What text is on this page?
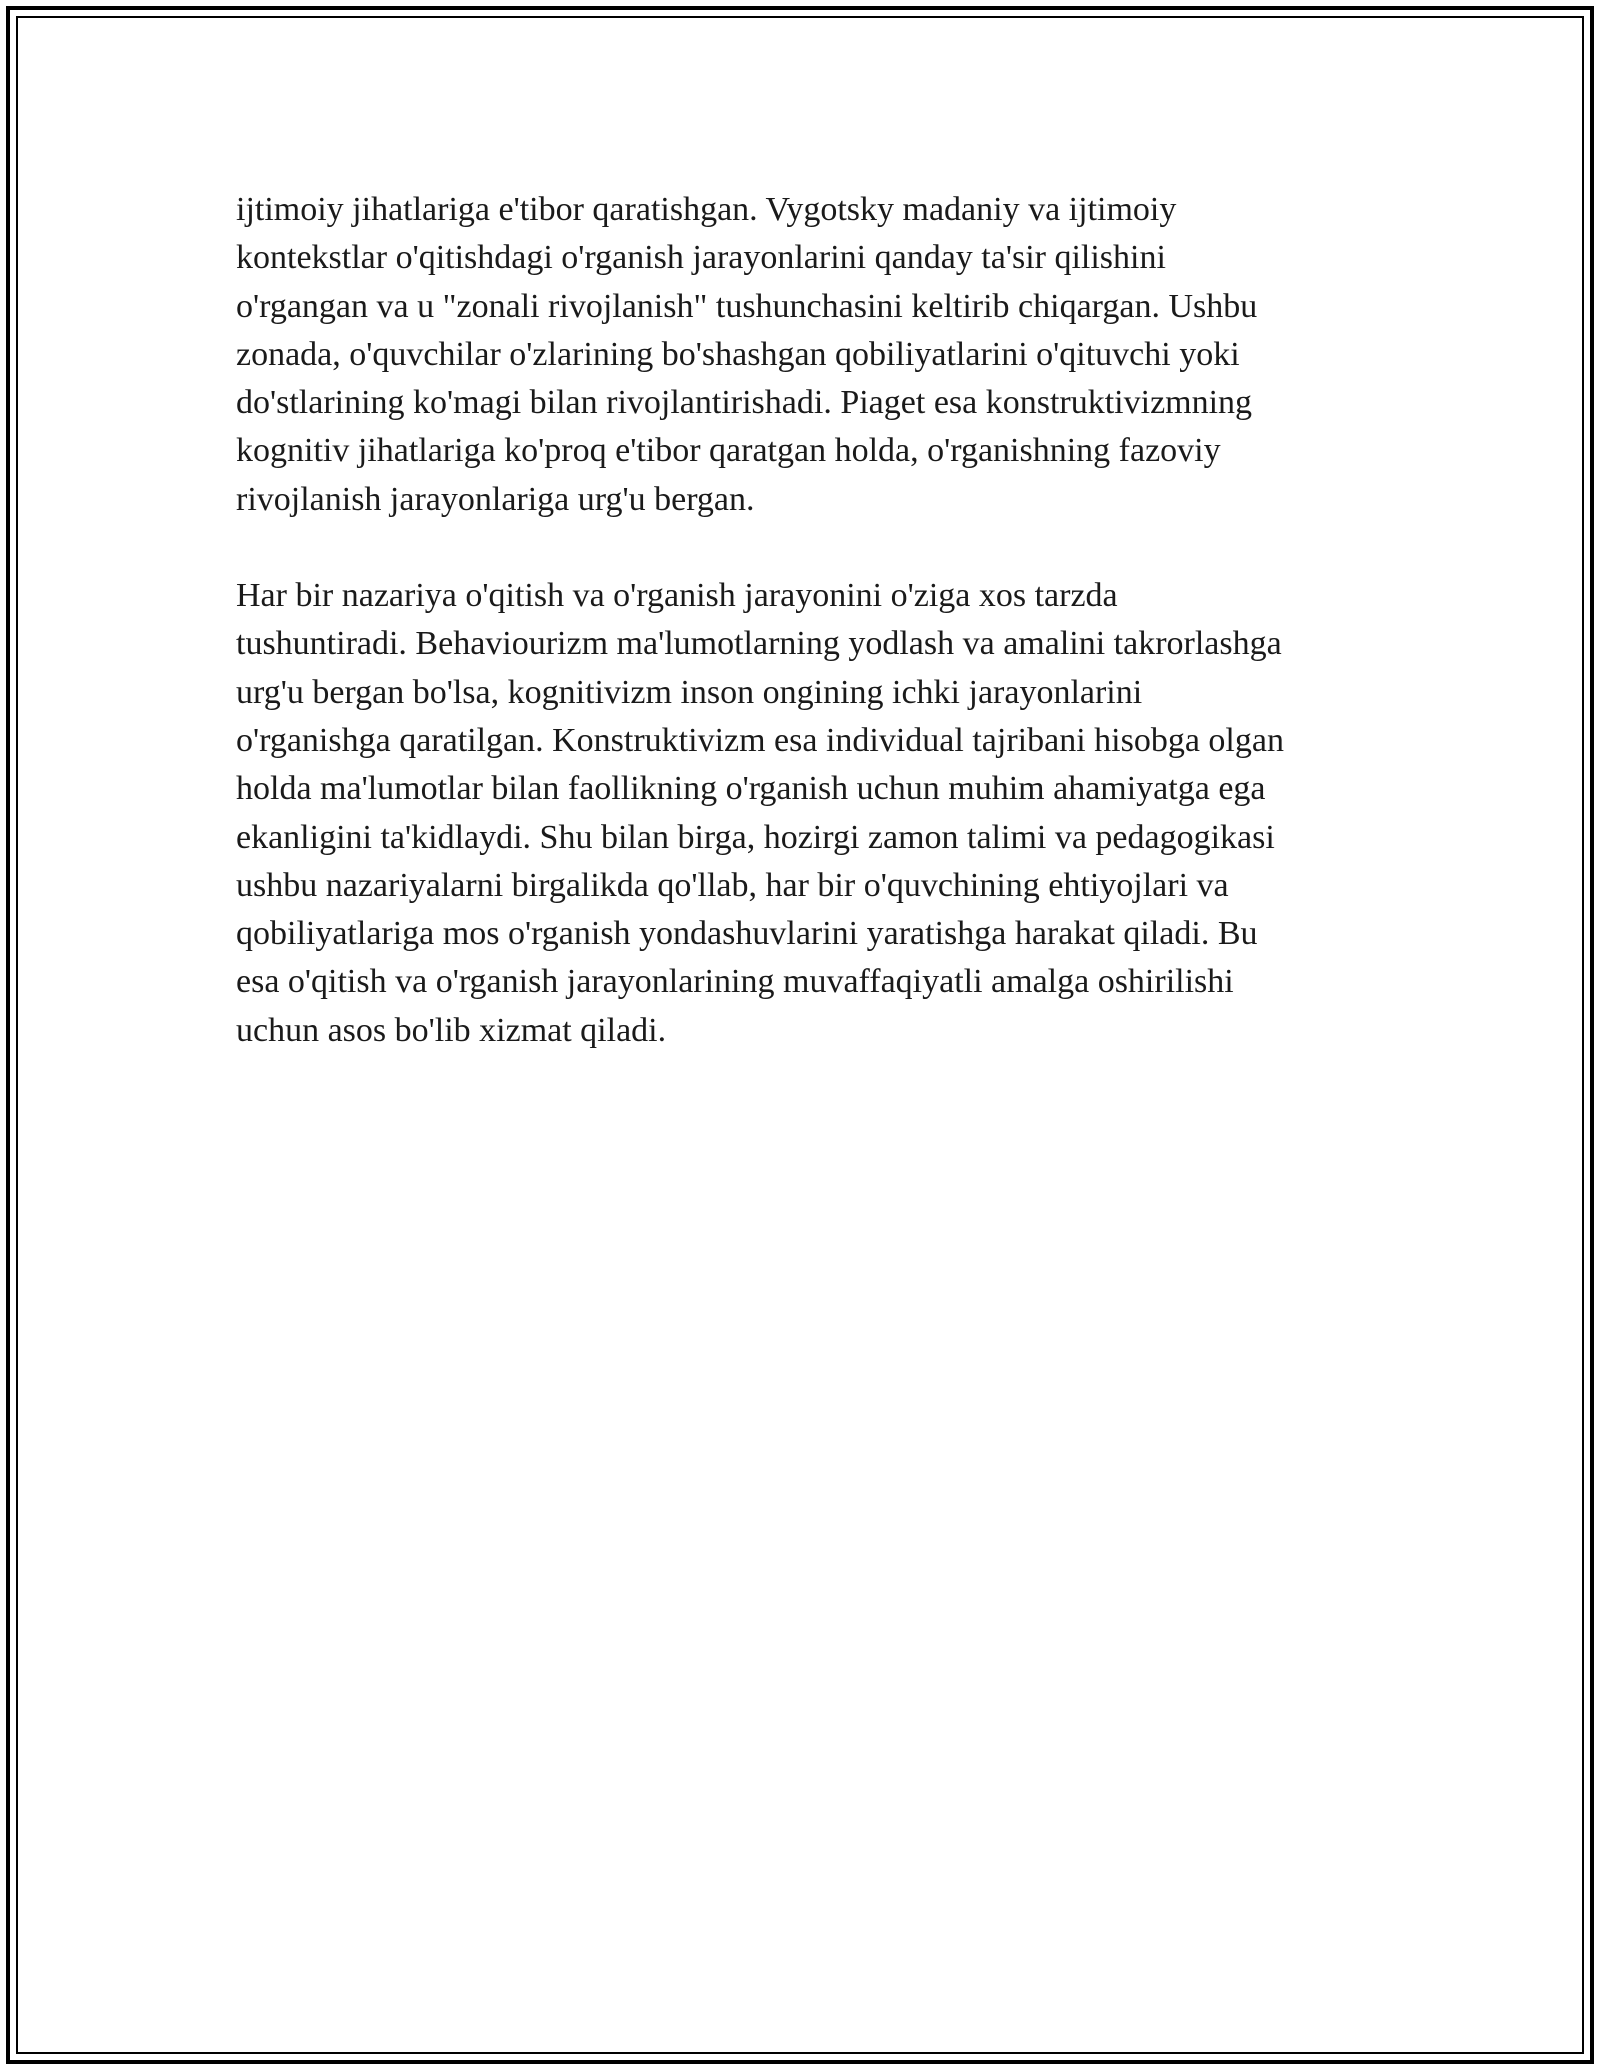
ijtimoiy jihatlariga e'tibor qaratishgan. Vygotsky madaniy va ijtimoiy
kontekstlar o'qitishdagi o'rganish jarayonlarini qanday ta'sir qilishini
o'rgangan va u "zonali rivojlanish" tushunchasini keltirib chiqargan. Ushbu
zonada, o'quvchilar o'zlarining bo'shashgan qobiliyatlarini o'qituvchi yoki
do'stlarining ko'magi bilan rivojlantirishadi. Piaget esa konstruktivizmning
kognitiv jihatlariga ko'proq e'tibor qaratgan holda, o'rganishning fazoviy
rivojlanish jarayonlariga urg'u bergan.

Har bir nazariya o'qitish va o'rganish jarayonini o'ziga xos tarzda
tushuntiradi. Behaviourizm ma'lumotlarning yodlash va amalini takrorlashga
urg'u bergan bo'lsa, kognitivizm inson ongining ichki jarayonlarini
o'rganishga qaratilgan. Konstruktivizm esa individual tajribani hisobga olgan
holda ma'lumotlar bilan faollikning o'rganish uchun muhim ahamiyatga ega
ekanligini ta'kidlaydi. Shu bilan birga, hozirgi zamon talimi va pedagogikasi
ushbu nazariyalarni birgalikda qo'llab, har bir o'quvchining ehtiyojlari va
qobiliyatlariga mos o'rganish yondashuvlarini yaratishga harakat qiladi. Bu
esa o'qitish va o'rganish jarayonlarining muvaffaqiyatli amalga oshirilishi
uchun asos bo'lib xizmat qiladi.
